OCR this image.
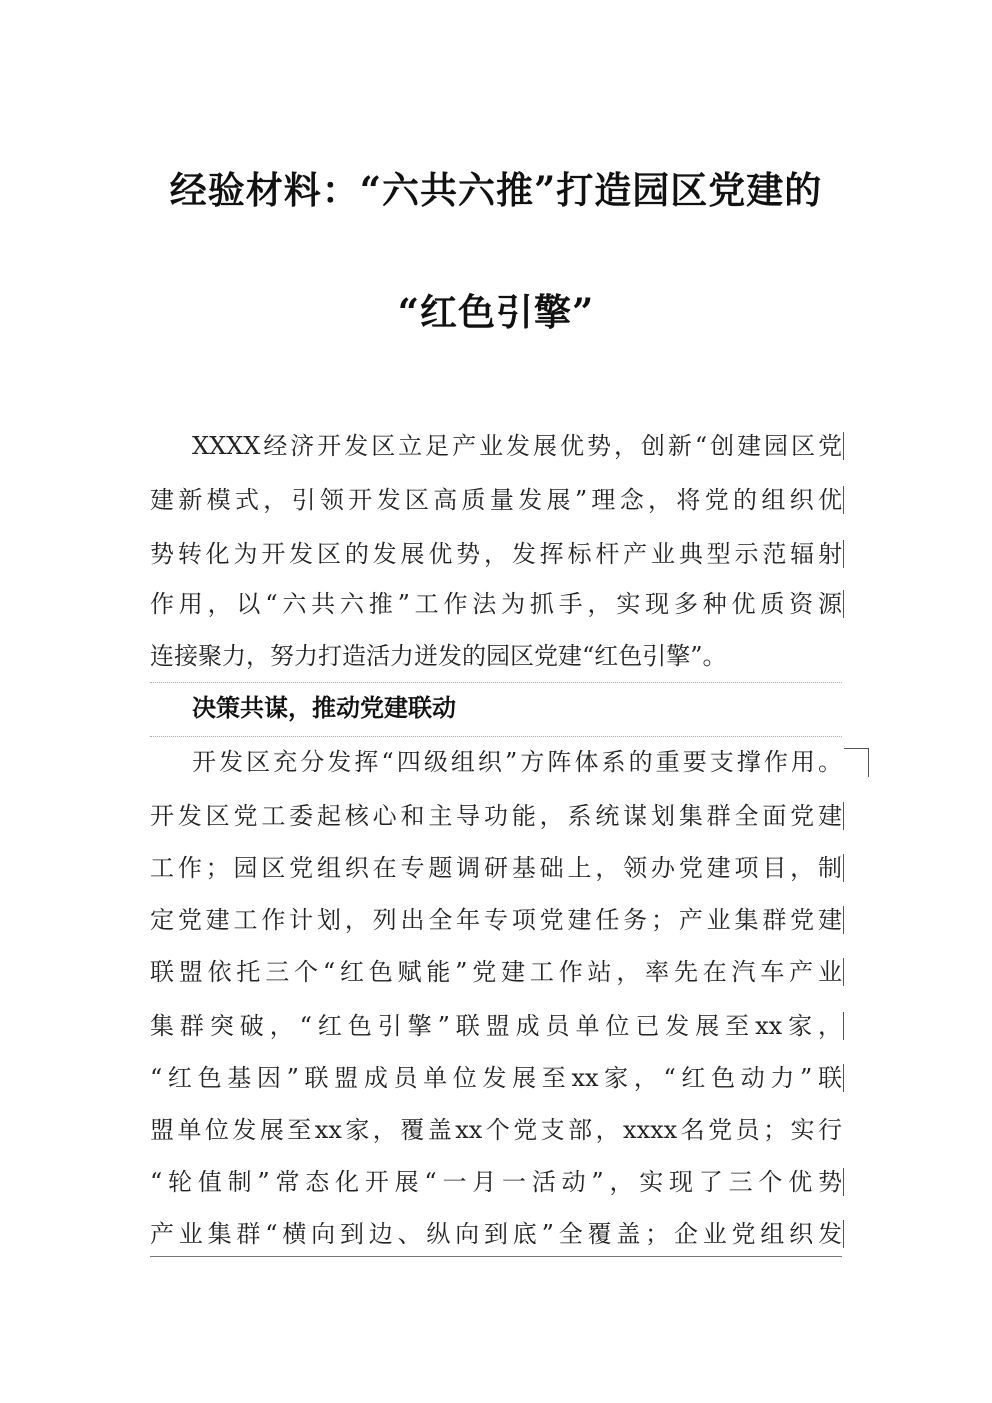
经验材料：“六共六推”打造园区党建的
“红色引擎”
XXXX经济开发区立足产业发展优势，创新“创建园区党
建新模式，引领开发区高质量发展”理念，将党的组织优
势转化为开发区的发展优势，发挥标杆产业典型示范辐射
作用，以“六共六推”工作法为抓手，实现多种优质资源
连接聚力，努力打造活力迸发的园区党建“红色引擎”。
决策共谋，推动党建联动
开发区充分发挥“四级组织”方阵体系的重要支撑作用。
开发区党工委起核心和主导功能，系统谋划集群全面党建
工作；园区党组织在专题调研基础上，领办党建项目，制
定党建工作计划，列出全年专项党建任务；产业集群党建
联盟依托三个“红色赋能”党建工作站，率先在汽车产业
集群突破，“红色引擎”联盟成员单位已发展至xx家，
“红色基因”联盟成员单位发展至xx家，“红色动力”联
盟单位发展至xx家，覆盖xx个党支部，xxxx名党员；实行
“轮值制”常态化开展“一月一活动”，实现了三个优势
产业集群“横向到边、纵向到底”全覆盖；企业党组织发
